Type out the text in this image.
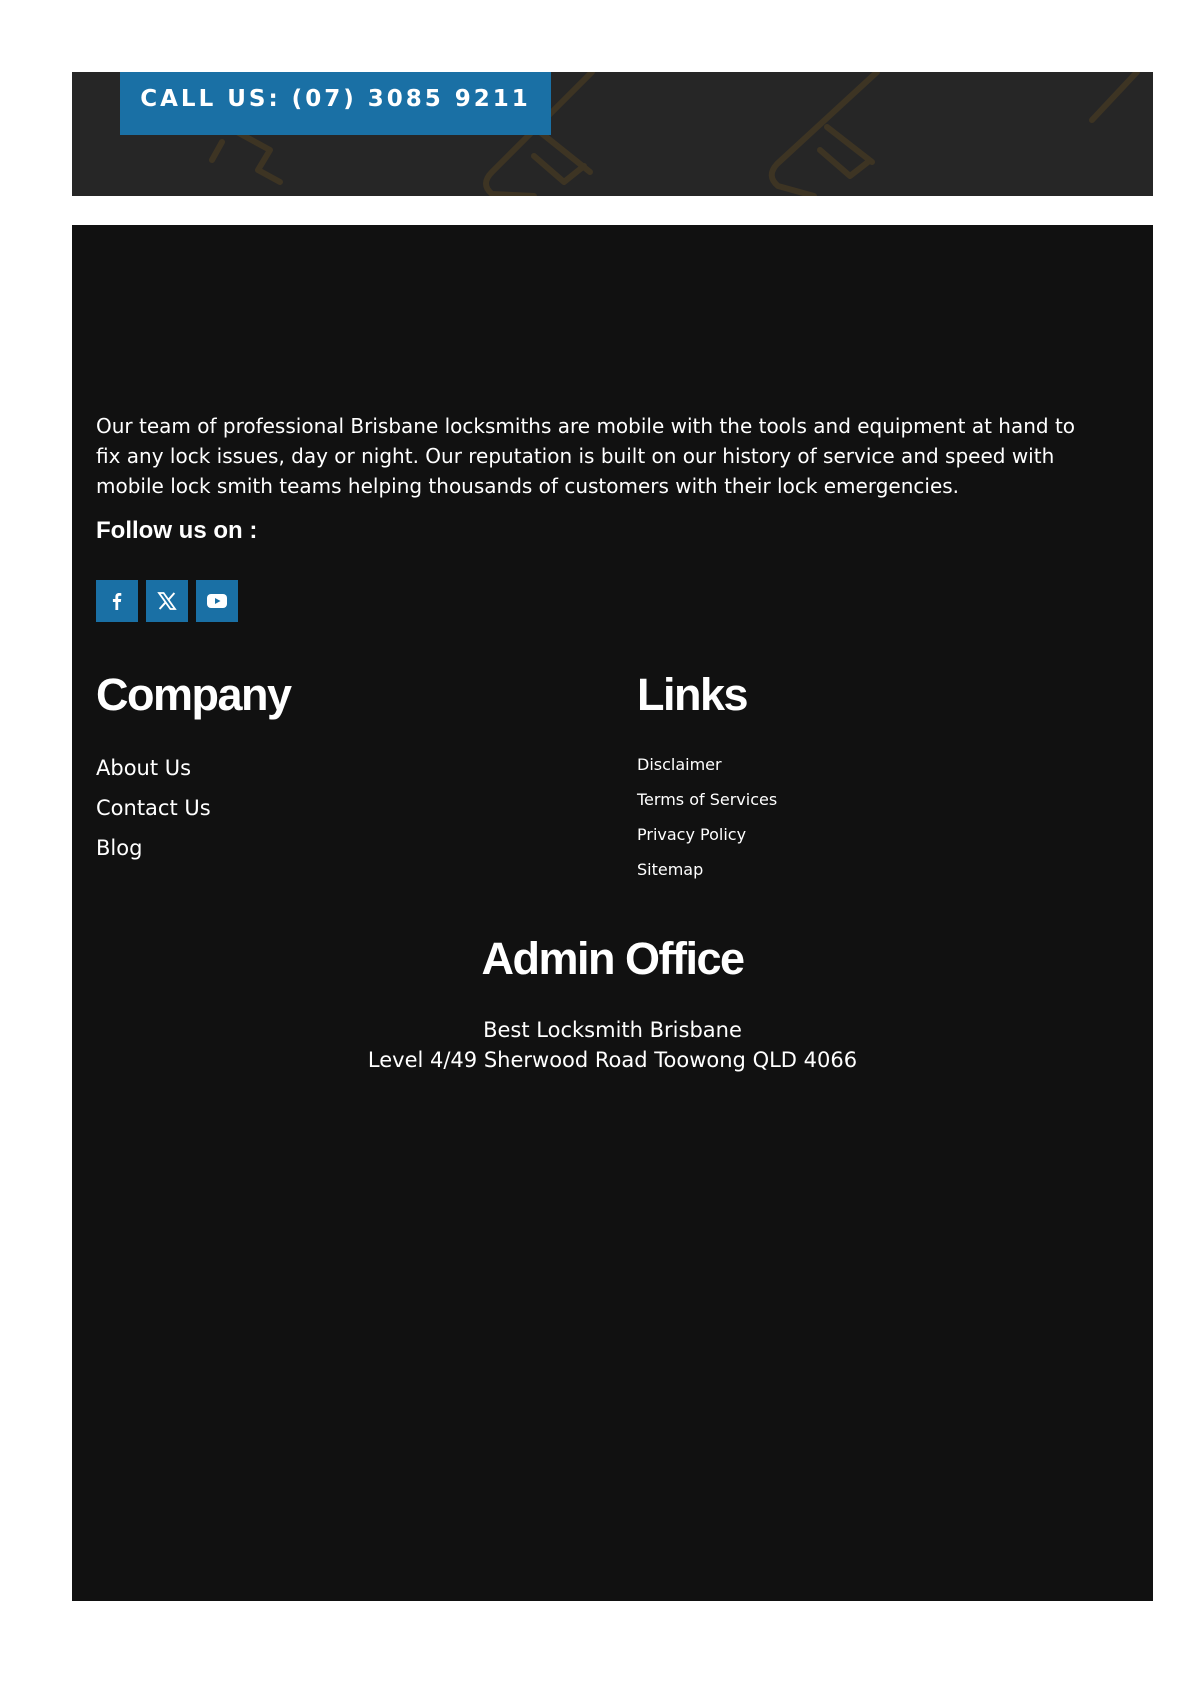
CALL US: (07) 3085 9211

Our team of professional Brisbane locksmiths are mobile with the tools and equipment at hand to fix any lock issues, day or night. Our reputation is built on our history of service and speed with mobile lock smith teams helping thousands of customers with their lock emergencies.

Follow us on :

Company
About Us
Contact Us
Blog
Links
Disclaimer
Terms of Services
Privacy Policy
Sitemap
Admin Office
Best Locksmith Brisbane
Level 4/49 Sherwood Road Toowong QLD 4066
